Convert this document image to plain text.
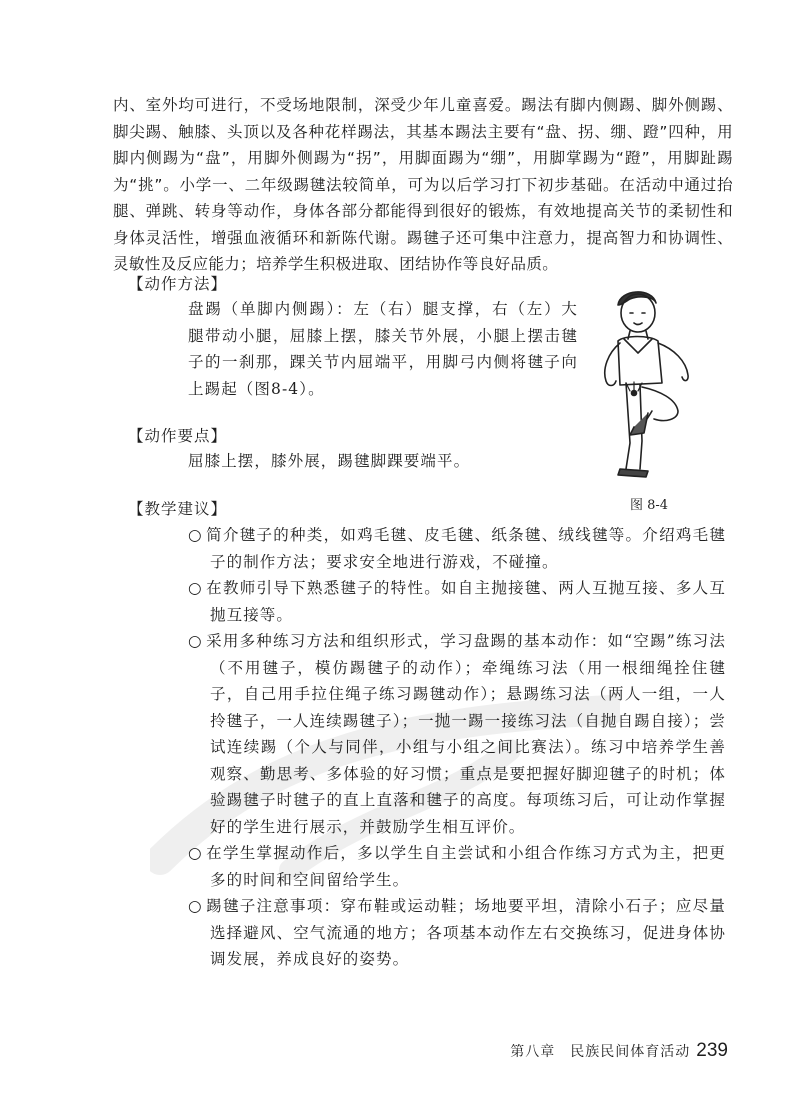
内、室外均可进行，不受场地限制，深受少年儿童喜爱。踢法有脚内侧踢、脚外侧踢、脚尖踢、触膝、头顶以及各种花样踢法，其基本踢法主要有“盘、拐、绷、蹬”四种，用脚内侧踢为“盘”，用脚外侧踢为“拐”，用脚面踢为“绷”，用脚掌踢为“蹬”，用脚趾踢为“挑”。小学一、二年级踢毽法较简单，可为以后学习打下初步基础。在活动中通过抬腿、弹跳、转身等动作，身体各部分都能得到很好的锻炼，有效地提高关节的柔韧性和身体灵活性，增强血液循环和新陈代谢。踢毽子还可集中注意力，提高智力和协调性、灵敏性及反应能力；培养学生积极进取、团结协作等良好品质。

【动作方法】

盘踢（单脚内侧踢）：左（右）腿支撑，右（左）大腿带动小腿，屈膝上摆，膝关节外展，小腿上摆击毽子的一刹那，踝关节内屈端平，用脚弓内侧将毽子向上踢起（图8-4）。

图 8-4

【动作要点】

屈膝上摆，膝外展，踢毽脚踝要端平。

【教学建议】

○ 简介毽子的种类，如鸡毛毽、皮毛毽、纸条毽、绒线毽等。介绍鸡毛毽子的制作方法；要求安全地进行游戏，不碰撞。
○ 在教师引导下熟悉毽子的特性。如自主抛接毽、两人互抛互接、多人互抛互接等。
○ 采用多种练习方法和组织形式，学习盘踢的基本动作：如“空踢”练习法（不用毽子，模仿踢毽子的动作）；牵绳练习法（用一根细绳拴住毽子，自己用手拉住绳子练习踢毽动作）；悬踢练习法（两人一组，一人拎毽子，一人连续踢毽子）；一抛一踢一接练习法（自抛自踢自接）；尝试连续踢（个人与同伴，小组与小组之间比赛法）。练习中培养学生善观察、勤思考、多体验的好习惯；重点是要把握好脚迎毽子的时机；体验踢毽子时毽子的直上直落和毽子的高度。每项练习后，可让动作掌握好的学生进行展示，并鼓励学生相互评价。
○ 在学生掌握动作后，多以学生自主尝试和小组合作练习方式为主，把更多的时间和空间留给学生。
○ 踢毽子注意事项：穿布鞋或运动鞋；场地要平坦，清除小石子；应尽量选择避风、空气流通的地方；各项基本动作左右交换练习，促进身体协调发展，养成良好的姿势。
第八章　民族民间体育活动 239
